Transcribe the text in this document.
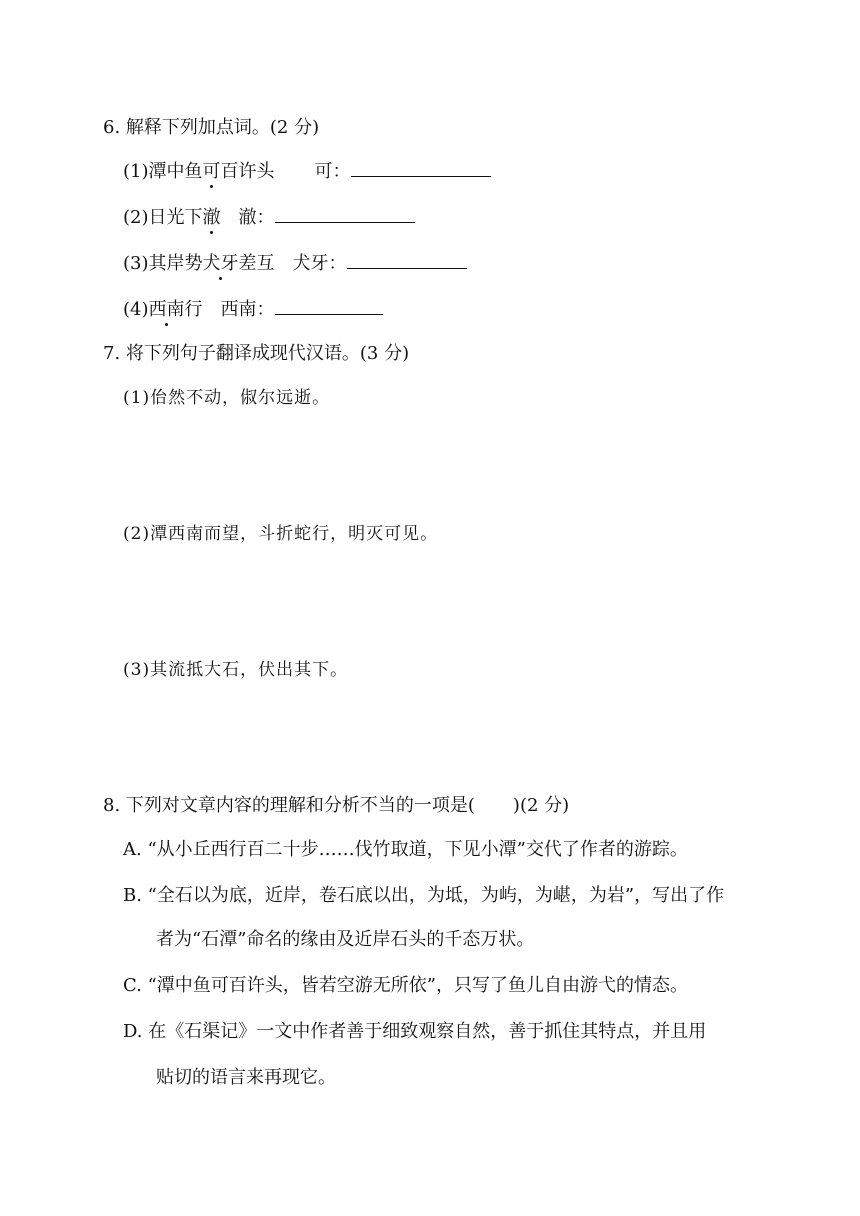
6. 解释下列加点词。(2 分)
(1)潭中鱼可百许头 可：
(2)日光下澈 澈：
(3)其岸势犬牙差互 犬牙：
(4)西南行 西南：
7. 将下列句子翻译成现代汉语。(3 分)
(1)佁然不动，俶尔远逝。
(2)潭西南而望，斗折蛇行，明灭可见。
(3)其流抵大石，伏出其下。
8. 下列对文章内容的理解和分析不当的一项是( )(2 分)
A. “从小丘西行百二十步……伐竹取道，下见小潭”交代了作者的游踪。
B. “全石以为底，近岸，卷石底以出，为坻，为屿，为嵁，为岩”，写出了作
者为“石潭”命名的缘由及近岸石头的千态万状。
C. “潭中鱼可百许头，皆若空游无所依”，只写了鱼儿自由游弋的情态。
D. 在《石渠记》一文中作者善于细致观察自然，善于抓住其特点，并且用
贴切的语言来再现它。
